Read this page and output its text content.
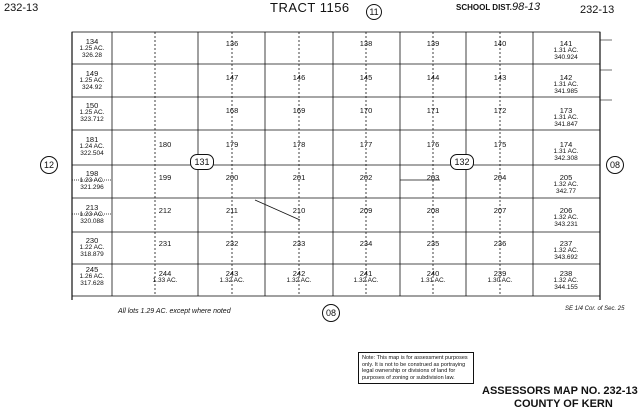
232-13	TRACT 1156	11	SCHOOL DIST. 98-13	232-13
12	08
08
131	132
134
1.25 AC.
326.28
149
1.25 AC.
324.92
150
1.25 AC.
323.712
181
1.24 AC.
322.504
198
1.23 AC.
321.296
213
1.23 AC.
320.088
230
1.22 AC.
318.879
245
1.26 AC.
317.628
136	138	139	140	141
1.31 AC.
340.924
147	146	145	144	143	142
1.31 AC.
341.985
168	169	170	171	172	173
1.31 AC.
341.847
180	179	178	177	176	175	174
1.31 AC.
342.308
199	200	201	202	203	204	205
1.32 AC.
342.77
212	211	210	209	208	207	206
1.32 AC.
343.231
231	232	233	234	235	236	237
1.32 AC.
343.692
244
1.33 AC.
243
1.32 AC.
242
1.32 AC.
241
1.32 AC.
240
1.31 AC.
239
1.30 AC.
238
1.32 AC.
344.155
All lots 1.29 AC. except where noted	SE 1/4 Cor. of Sec. 25
Note: This map is for assessment purposes only. It is not to be construed as portraying legal ownership or divisions of land for purposes of zoning or subdivision law.
ASSESSORS MAP NO. 232-13
COUNTY OF KERN
